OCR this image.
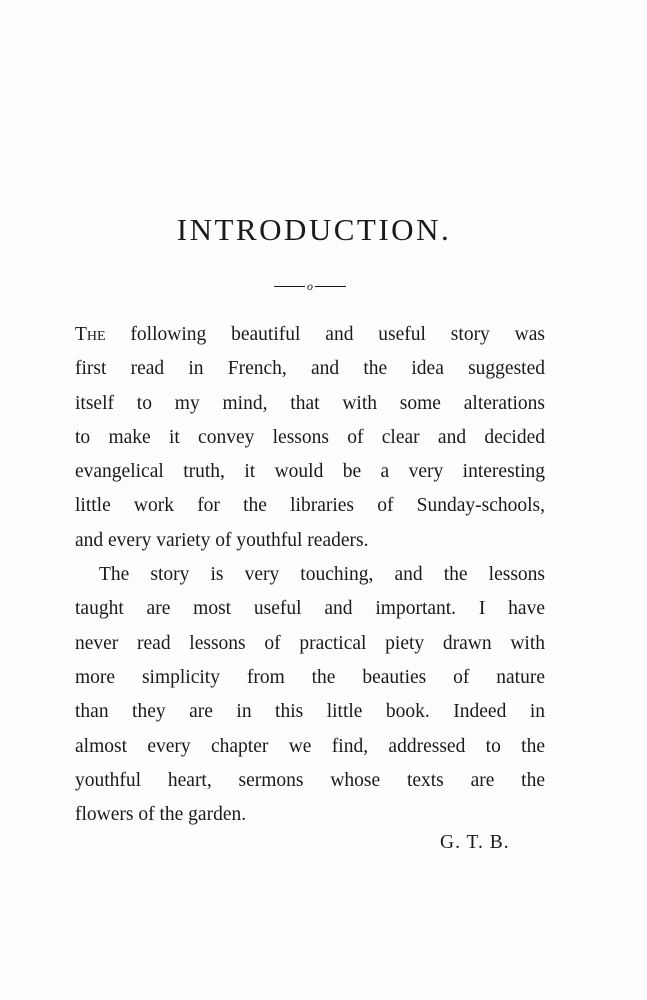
INTRODUCTION.
o

The following beautiful and useful story was
first read in French, and the idea suggested
itself to my mind, that with some alterations
to make it convey lessons of clear and decided
evangelical truth, it would be a very interesting
little work for the libraries of Sunday-schools,
and every variety of youthful readers.

The story is very touching, and the lessons
taught are most useful and important. I have
never read lessons of practical piety drawn with
more simplicity from the beauties of nature
than they are in this little book. Indeed in
almost every chapter we find, addressed to the
youthful heart, sermons whose texts are the
flowers of the garden.

G. T. B.
